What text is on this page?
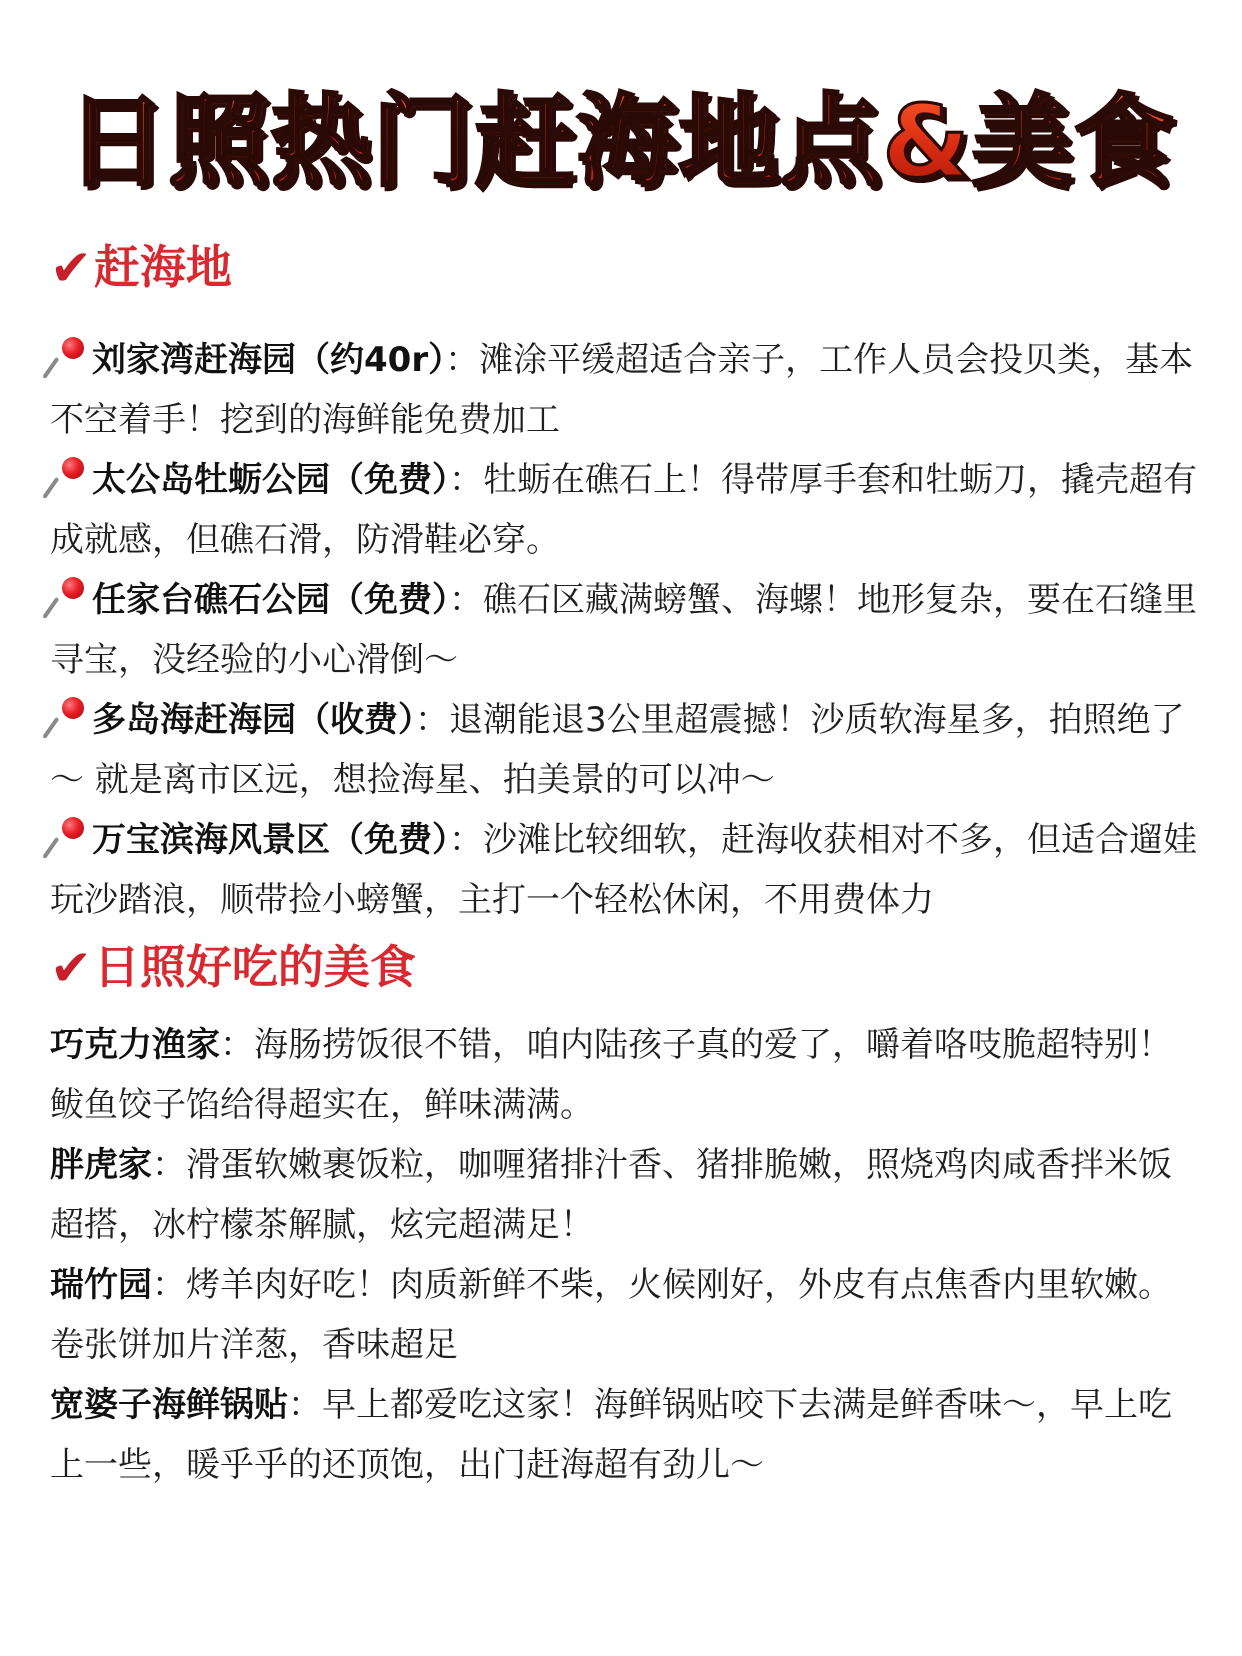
日照热门赶海地点&美食
✔赶海地

刘家湾赶海园（约40r）：滩涂平缓超适合亲子，工作人员会投贝类，基本不空着手！挖到的海鲜能免费加工

太公岛牡蛎公园（免费）：牡蛎在礁石上！得带厚手套和牡蛎刀，撬壳超有成就感，但礁石滑，防滑鞋必穿。

任家台礁石公园（免费）：礁石区藏满螃蟹、海螺！地形复杂，要在石缝里寻宝，没经验的小心滑倒～

多岛海赶海园（收费）：退潮能退3公里超震撼！沙质软海星多，拍照绝了～ 就是离市区远，想捡海星、拍美景的可以冲～

万宝滨海风景区（免费）：沙滩比较细软，赶海收获相对不多，但适合遛娃玩沙踏浪，顺带捡小螃蟹，主打一个轻松休闲，不用费体力

✔日照好吃的美食

巧克力渔家：海肠捞饭很不错，咱内陆孩子真的爱了，嚼着咯吱脆超特别！鲅鱼饺子馅给得超实在，鲜味满满。

胖虎家：滑蛋软嫩裹饭粒，咖喱猪排汁香、猪排脆嫩，照烧鸡肉咸香拌米饭超搭，冰柠檬茶解腻，炫完超满足！

瑞竹园：烤羊肉好吃！肉质新鲜不柴，火候刚好，外皮有点焦香内里软嫩。卷张饼加片洋葱，香味超足

宽婆子海鲜锅贴：早上都爱吃这家！海鲜锅贴咬下去满是鲜香味～，早上吃上一些，暖乎乎的还顶饱，出门赶海超有劲儿～
